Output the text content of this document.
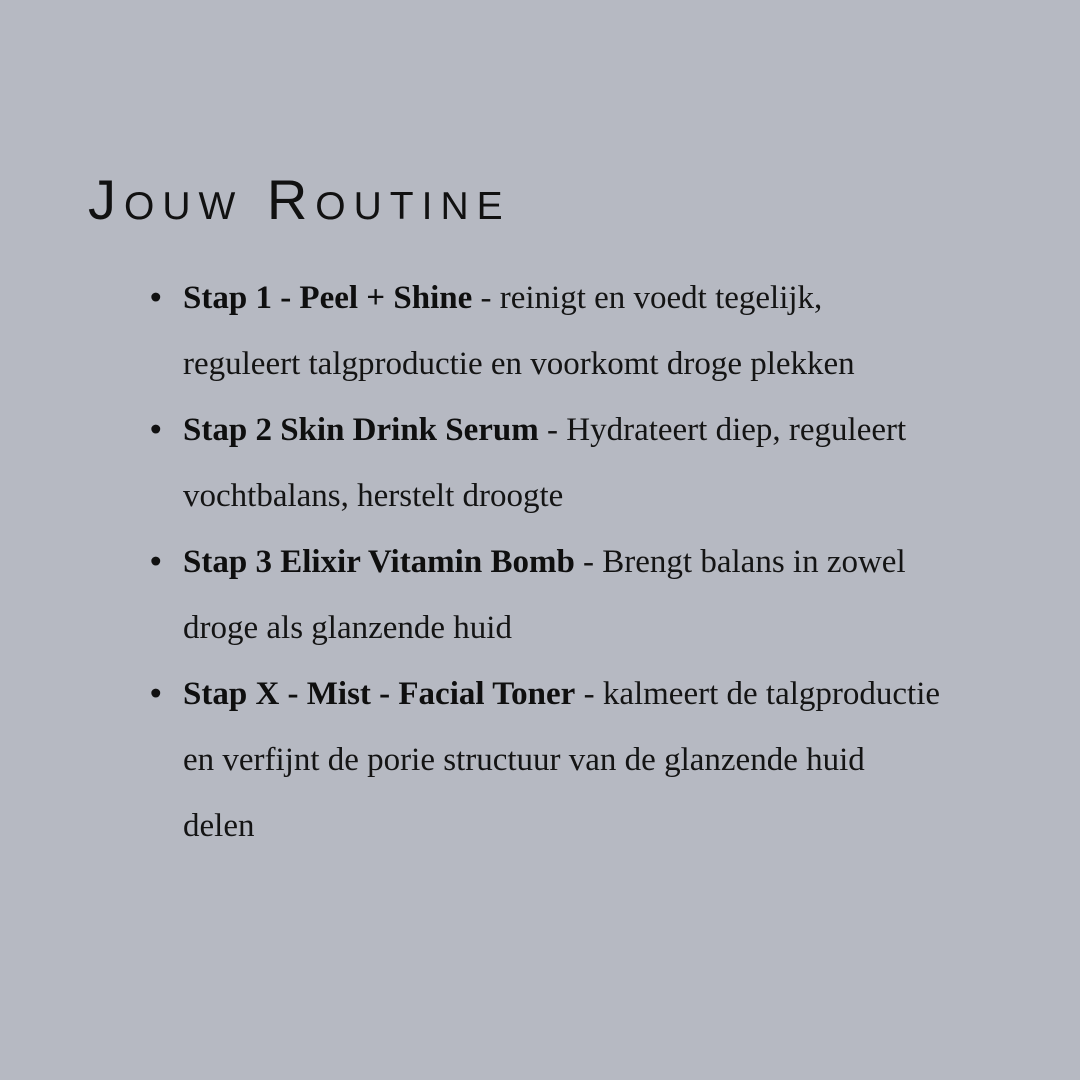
Jouw Routine
• Stap 1 - Peel + Shine - reinigt en voedt tegelijk, reguleert talgproductie en voorkomt droge plekken
• Stap 2 Skin Drink Serum - Hydrateert diep, reguleert vochtbalans, herstelt droogte
• Stap 3 Elixir Vitamin Bomb - Brengt balans in zowel droge als glanzende huid
• Stap X - Mist - Facial Toner - kalmeert de talgproductie en verfijnt de porie structuur van de glanzende huid delen
